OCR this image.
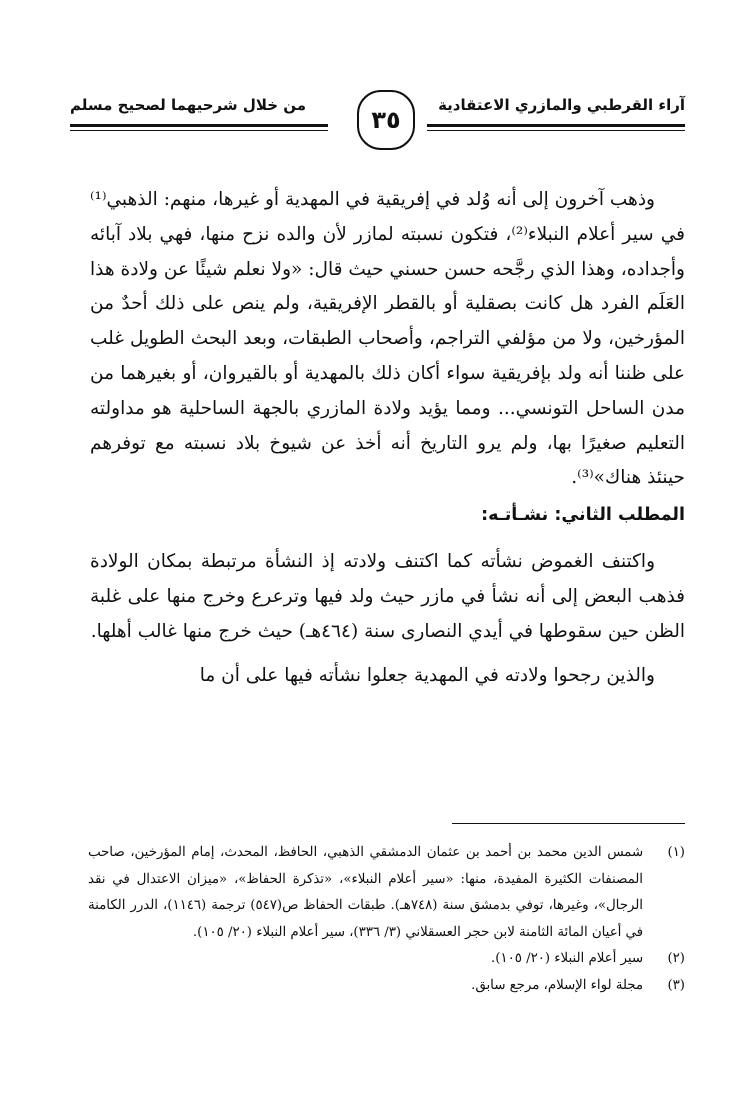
آراء القرطبي والمازري الاعتقادية
٣٥
من خلال شرحيهما لصحيح مسلم

وذهب آخرون إلى أنه وُلد في إفريقية في المهدية أو غيرها، منهم: الذهبي⁽¹⁾ في سير أعلام النبلاء⁽²⁾، فتكون نسبته لمازر لأن والده نزح منها، فهي بلاد آبائه وأجداده، وهذا الذي رجَّحه حسن حسني حيث قال: «ولا نعلم شيئًا عن ولادة هذا العَلَم الفرد هل كانت بصقلية أو بالقطر الإفريقية، ولم ينص على ذلك أحدٌ من المؤرخين، ولا من مؤلفي التراجم، وأصحاب الطبقات، وبعد البحث الطويل غلب على ظننا أنه ولد بإفريقية سواء أكان ذلك بالمهدية أو بالقيروان، أو بغيرهما من مدن الساحل التونسي... ومما يؤيد ولادة المازري بالجهة الساحلية هو مداولته التعليم صغيرًا بها، ولم يرو التاريخ أنه أخذ عن شيوخ بلاد نسبته مع توفرهم حينئذ هناك»⁽³⁾.

المطلب الثاني: نشـأتـه:

واكتنف الغموض نشأته كما اكتنف ولادته إذ النشأة مرتبطة بمكان الولادة فذهب البعض إلى أنه نشأ في مازر حيث ولد فيها وترعرع وخرج منها على غلبة الظن حين سقوطها في أيدي النصارى سنة (٤٦٤هـ) حيث خرج منها غالب أهلها.

والذين رجحوا ولادته في المهدية جعلوا نشأته فيها على أن ما

(١)
شمس الدين محمد بن أحمد بن عثمان الدمشقي الذهبي، الحافظ، المحدث، إمام المؤرخين، صاحب المصنفات الكثيرة المفيدة، منها: «سير أعلام النبلاء»، «تذكرة الحفاظ»، «ميزان الاعتدال في نقد الرجال»، وغيرها، توفي بدمشق سنة (٧٤٨هـ). طبقات الحفاظ ص(٥٤٧) ترجمة (١١٤٦)، الدرر الكامنة في أعيان المائة الثامنة لابن حجر العسقلاني (٣/ ٣٣٦)، سير أعلام النبلاء (٢٠/ ١٠٥).
(٢)
سير أعلام النبلاء (٢٠/ ١٠٥).
(٣)
مجلة لواء الإسلام، مرجع سابق.
